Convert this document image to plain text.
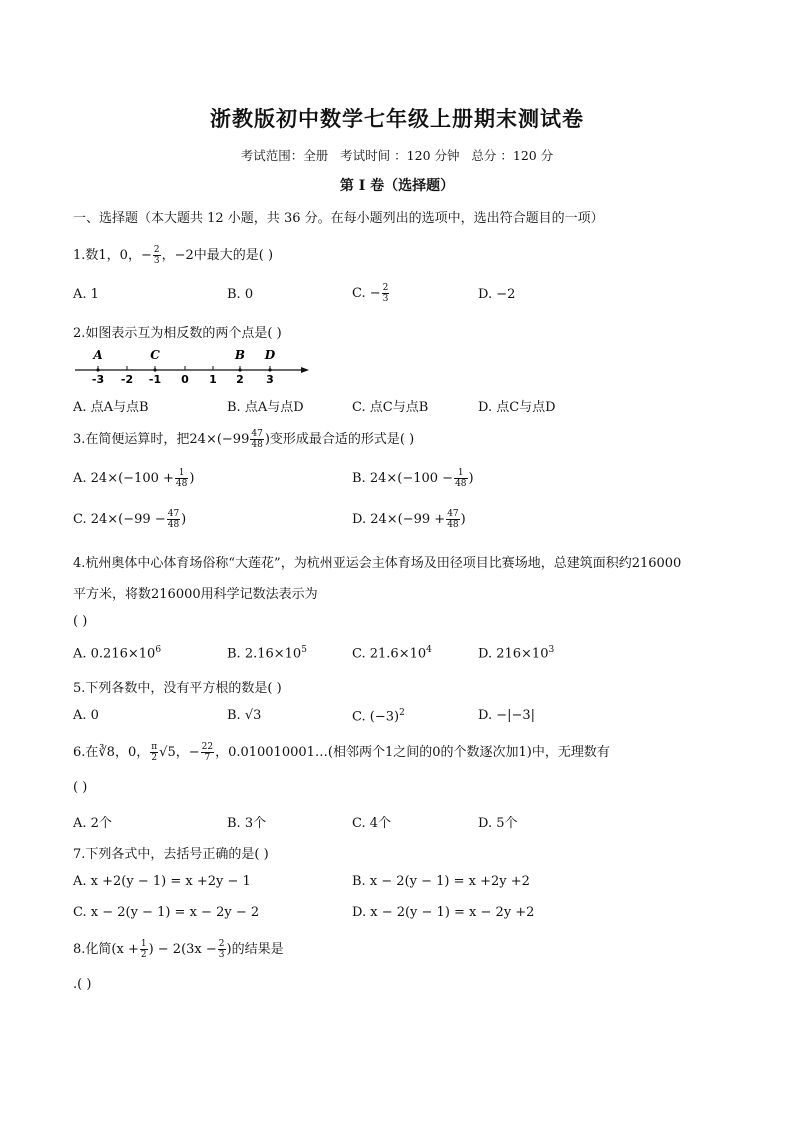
浙教版初中数学七年级上册期末测试卷
考试范围：全册   考试时间 ：120 分钟   总分 ：120 分
第 I 卷（选择题）
一、选择题（本大题共 12 小题，共 36 分。在每小题列出的选项中，选出符合题目的一项）
1.数1，0，− $\frac{2}{3}$ ，−2中最大的是( )
A. 1	B. 0	C. − $\frac{2}{3}$	D. −2
2.如图表示互为相反数的两个点是( )
-3 -2 -1 0 1 2 3
A	C	B D
A. 点A与点B	B. 点A与点D	C. 点C与点B	D. 点C与点D
3.在简便运算时，把$24\times(-99 \frac{47}{48}$ )变形成最合适的形式是( )
A. $24\times(-100 + \frac{1}{48}$ )	B. $24\times(-100 - \frac{1}{48}$ )
C. $24\times(-99 - \frac{47}{48}$ )	D. $24\times(-99 + \frac{47}{48}$ )
4.杭州奥体中心体育场俗称“大莲花”，为杭州亚运会主体育场及田径项目比赛场地，总建筑面积约216000
平方米，将数216000用科学记数法表示为
( )
A. $0.216\times 10^6$	B. $2.16\times 10^5$	C. $21.6\times 10^4$	D. $216\times 10^3$
5.下列各数中，没有平方根的数是( )
A. 0	B. √3	C. $(-3)^2$	D. −|−3|
6.在∛8，0， $\frac{\pi}{2} √5$，− $\frac{22}{7}$ ，0.010010001…(相邻两个1之间的0的个数逐次加1)中，无理数有
( )
A. 2个	B. 3个	C. 4个	D. 5个
7.下列各式中，去括号正确的是( )
A. x +2(y − 1) = x +2y − 1	B. x − 2(y − 1) = x +2y +2
C. x − 2(y − 1) = x − 2y − 2	D. x − 2(y − 1) = x − 2y +2
8.化简($x + \frac{1}{2}$ ) − $2(3x - \frac{2}{3}$ )的结果是
.( )
